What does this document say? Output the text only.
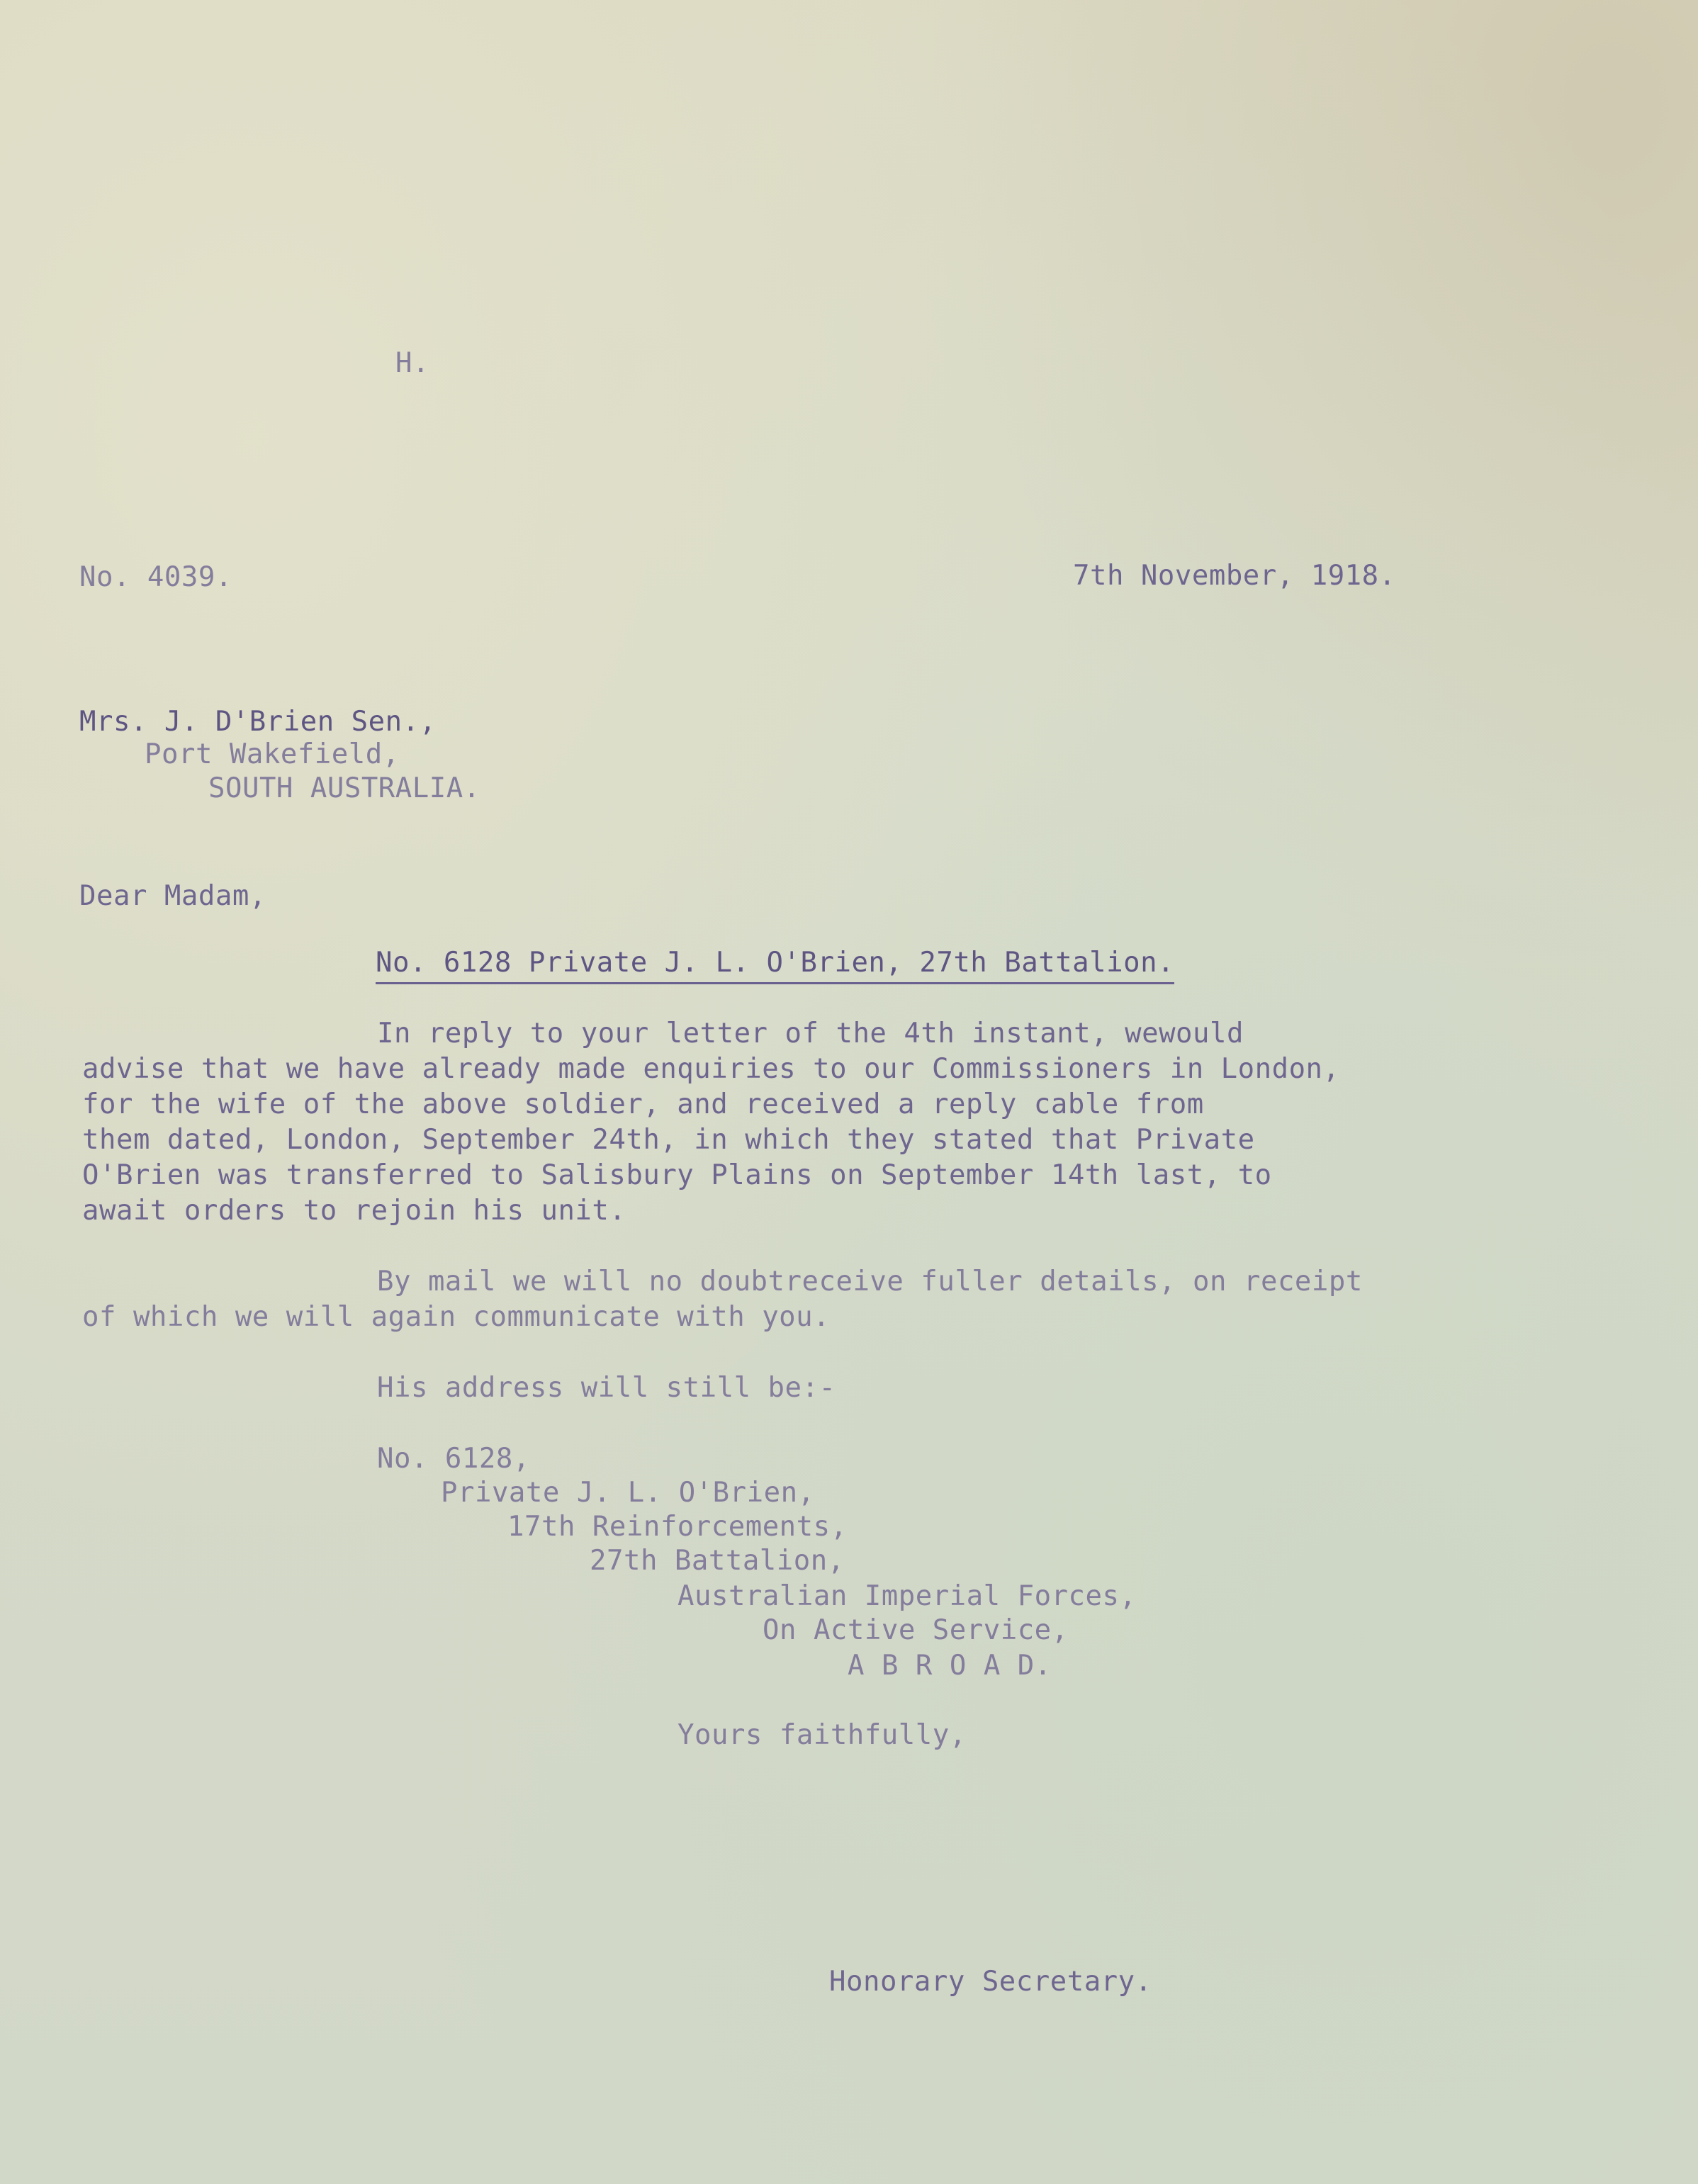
H.
No. 4039.	7th November, 1918.
Mrs. J. D'Brien Sen.,
Port Wakefield,
SOUTH AUSTRALIA.
Dear Madam,
No. 6128 Private J. L. O'Brien, 27th Battalion.
In reply to your letter of the 4th instant, wewould
advise that we have already made enquiries to our Commissioners in London,
for the wife of the above soldier, and received a reply cable from
them dated, London, September 24th, in which they stated that Private
O'Brien was transferred to Salisbury Plains on September 14th last, to
await orders to rejoin his unit.
By mail we will no doubtreceive fuller details, on receipt
of which we will again communicate with you.
His address will still be:-
No. 6128,
Private J. L. O'Brien,
17th Reinforcements,
27th Battalion,
Australian Imperial Forces,
On Active Service,
A B R O A D.
Yours faithfully,
Honorary Secretary.
